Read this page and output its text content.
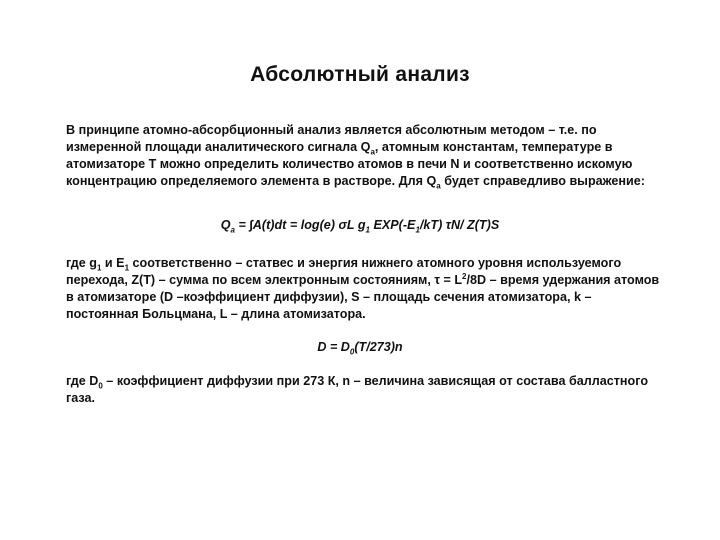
Абсолютный анализ

В принципе атомно-абсорбционный анализ является абсолютным методом – т.е. по измеренной площади аналитического сигнала $Q_a$, атомным константам, температуре в атомизаторе Т можно определить количество атомов в печи N и соответственно искомую концентрацию определяемого элемента в растворе. Для $Q_a$ будет справедливо выражение:

$Q_a = \int A(t)dt = \log(e)$ σL $g_1$ $EXP(-E_1/kT)$ τN/ Z(T)S

где $g_1$ и $E_1$ соответственно – статвес и энергия нижнего атомного уровня используемого перехода, Z(T) – сумма по всем электронным состояниям, $\tau = L^2/8D$ – время удержания атомов в атомизаторе (D –коэффициент диффузии), S – площадь сечения атомизатора, k – постоянная Больцмана, L – длина атомизатора.

$D = D_0(T/273)n$

где $D_0$ – коэффициент диффузии при 273 К, n – величина зависящая от состава балластного газа.
